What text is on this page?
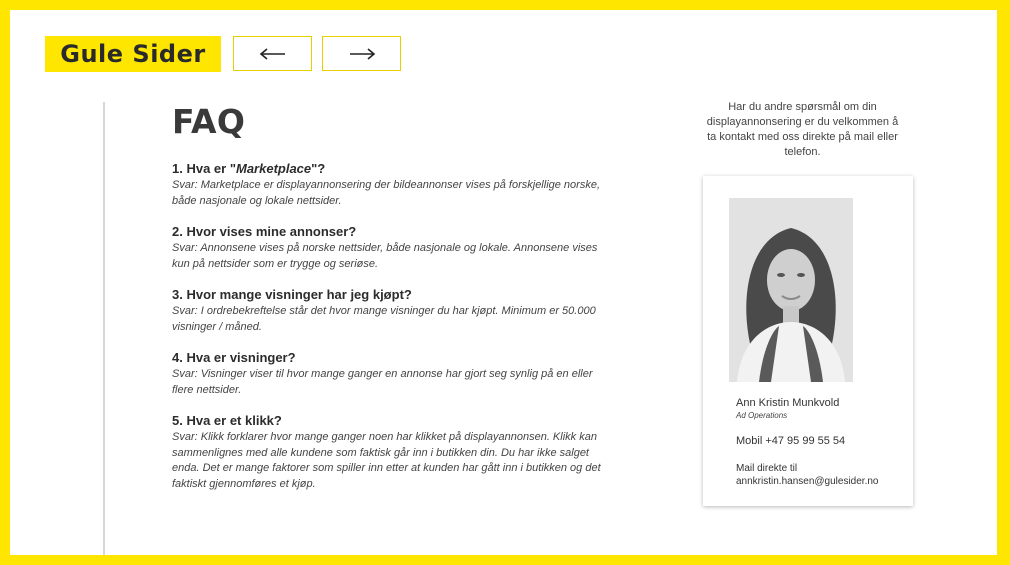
Gule Sider
FAQ
1. Hva er "Marketplace"?
Svar: Marketplace er displayannonsering der bildeannonser vises på forskjellige norske, både nasjonale og lokale nettsider.
2. Hvor vises mine annonser?
Svar: Annonsene vises på norske nettsider, både nasjonale og lokale. Annonsene vises kun på nettsider som er trygge og seriøse.
3. Hvor mange visninger har jeg kjøpt?
Svar: I ordrebekreftelse står det hvor mange visninger du har kjøpt. Minimum er 50.000 visninger / måned.
4. Hva er visninger?
Svar: Visninger viser til hvor mange ganger en annonse har gjort seg synlig på en eller flere nettsider.
5. Hva er et klikk?
Svar: Klikk forklarer hvor mange ganger noen har klikket på displayannonsen. Klikk kan sammenlignes med alle kundene som faktisk går inn i butikken din. Du har ikke salget enda. Det er mange faktorer som spiller inn etter at kunden har gått inn i butikken og det faktiskt gjennomføres et kjøp.
Har du andre spørsmål om din displayannonsering er du velkommen å ta kontakt med oss direkte på mail eller telefon.
Ann Kristin Munkvold
Ad Operations
Mobil +47 95 99 55 54
Mail direkte til
annkristin.hansen@gulesider.no
